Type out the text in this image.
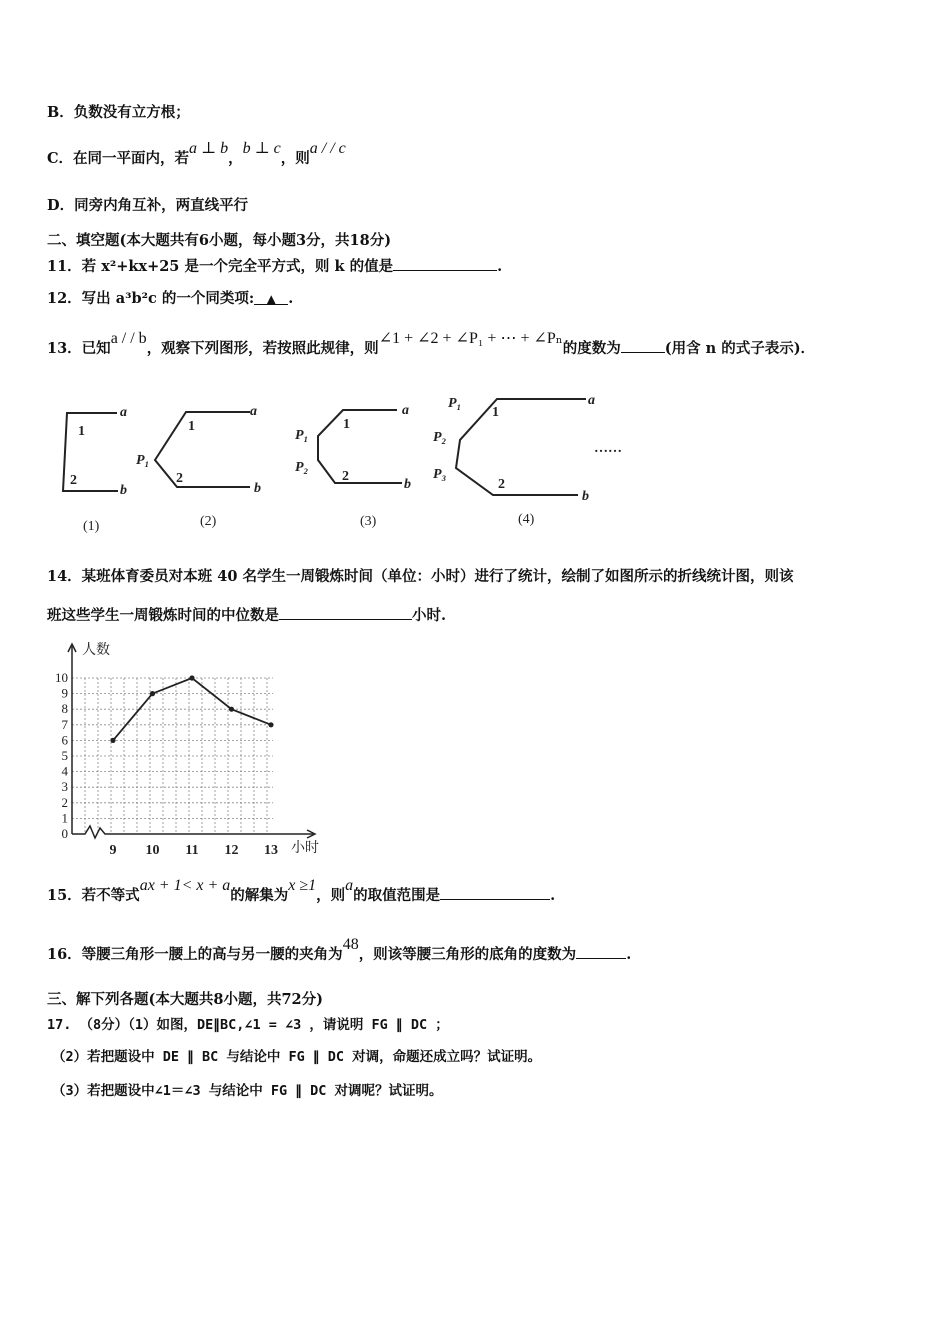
B．负数没有立方根；
C．在同一平面内，若a ⊥ b，b ⊥ c，则a / / c
D．同旁内角互补，两直线平行
二、填空题(本大题共有6小题，每小题3分，共18分)
11．若 x²+kx+25 是一个完全平方式，则 k 的值是	.
12．写出 a³b²c 的一个同类项: ▲ .
13．已知a / / b，观察下列图形，若按照此规律，则∠1 + ∠2 + ∠P₁ + ⋯ + ∠Pₙ的度数为	(用含 n 的式子表示)．
a
1
2
b
a
1
P₁
2
b
a
1
P₁
P₂
2
b
a
1
P₁
P₂
P₃
2
b
……
(1)	(2)	(3)	(4)
14．某班体育委员对本班 40 名学生一周锻炼时间（单位：小时）进行了统计，绘制了如图所示的折线统计图，则该
班这些学生一周锻炼时间的中位数是	小时.
0
1
2
3
4
5
6
7
8
9
10
9 10 11 12 13
人数
小时
15．若不等式ax + 1< x + a的解集为x ≥1，则a的取值范围是	.
16．等腰三角形一腰上的高与另一腰的夹角为48，则该等腰三角形的底角的度数为	.
三、解下列各题(本大题共8小题，共72分)
17. （8分）（1）如图，DE∥BC,∠1 = ∠3 ，请说明 FG ∥ DC ；
（2）若把题设中 DE ∥ BC 与结论中 FG ∥ DC 对调，命题还成立吗？试证明。
（3）若把题设中∠1＝∠3 与结论中 FG ∥ DC 对调呢？试证明。
